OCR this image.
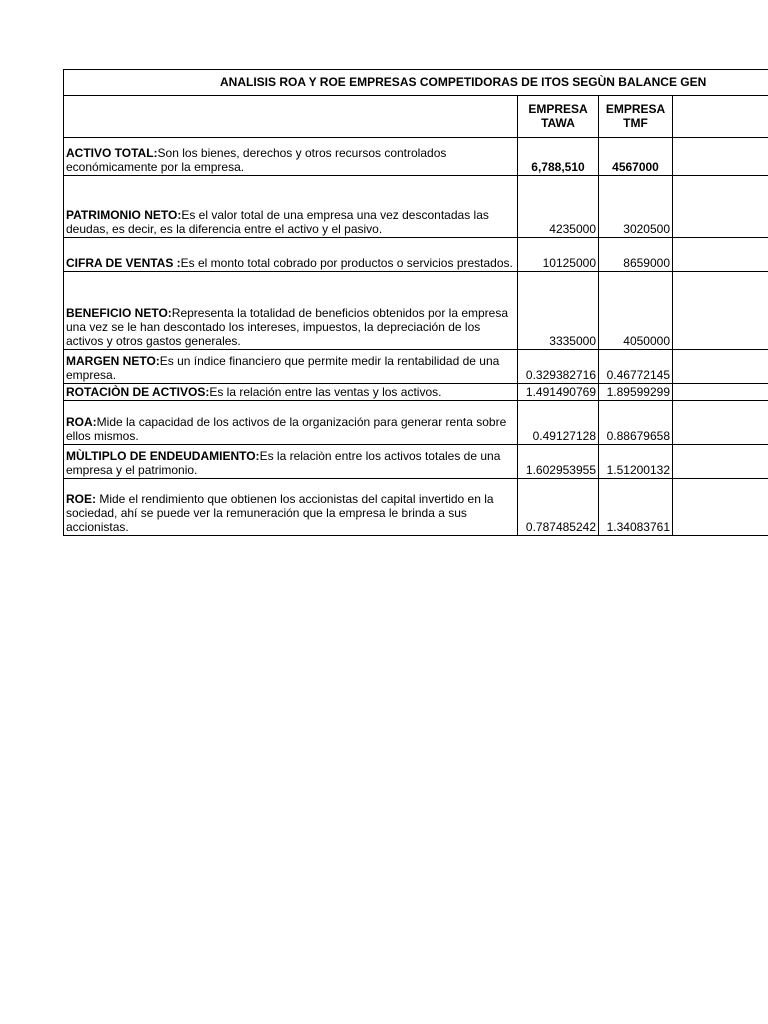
ANALISIS ROA Y ROE EMPRESAS COMPETIDORAS DE ITOS SEGÙN BALANCE GEN			
	EMPRESA TAWA	EMPRESA TMF	
ACTIVO TOTAL:Son los bienes, derechos y otros recursos controlados económicamente por la empresa.	6,788,510	4567000	
PATRIMONIO NETO:Es el valor total de una empresa una vez descontadas las deudas, es decir, es la diferencia entre el activo y el pasivo.	4235000	3020500	
CIFRA DE VENTAS :Es el monto total cobrado por productos o servicios prestados.	10125000	8659000	
BENEFICIO NETO:Representa la totalidad de beneficios obtenidos por la empresa una vez se le han descontado los intereses, impuestos, la depreciación de los activos y otros gastos generales.	3335000	4050000	
MARGEN NETO:Es un índice financiero que permite medir la rentabilidad de una empresa.	0.329382716	0.46772145	
ROTACIÒN DE ACTIVOS:Es la relación entre las ventas y los activos.	1.491490769	1.89599299	
ROA:Mide la capacidad de los activos de la organización para generar renta sobre ellos mismos.	0.49127128	0.88679658	
MÙLTIPLO DE ENDEUDAMIENTO:Es la relaciòn entre los activos totales de una empresa y el patrimonio.	1.602953955	1.51200132	
ROE: Mide el rendimiento que obtienen los accionistas del capital invertido en la sociedad, ahí se puede ver la remuneración que la empresa le brinda a sus accionistas.	0.787485242	1.34083761	
